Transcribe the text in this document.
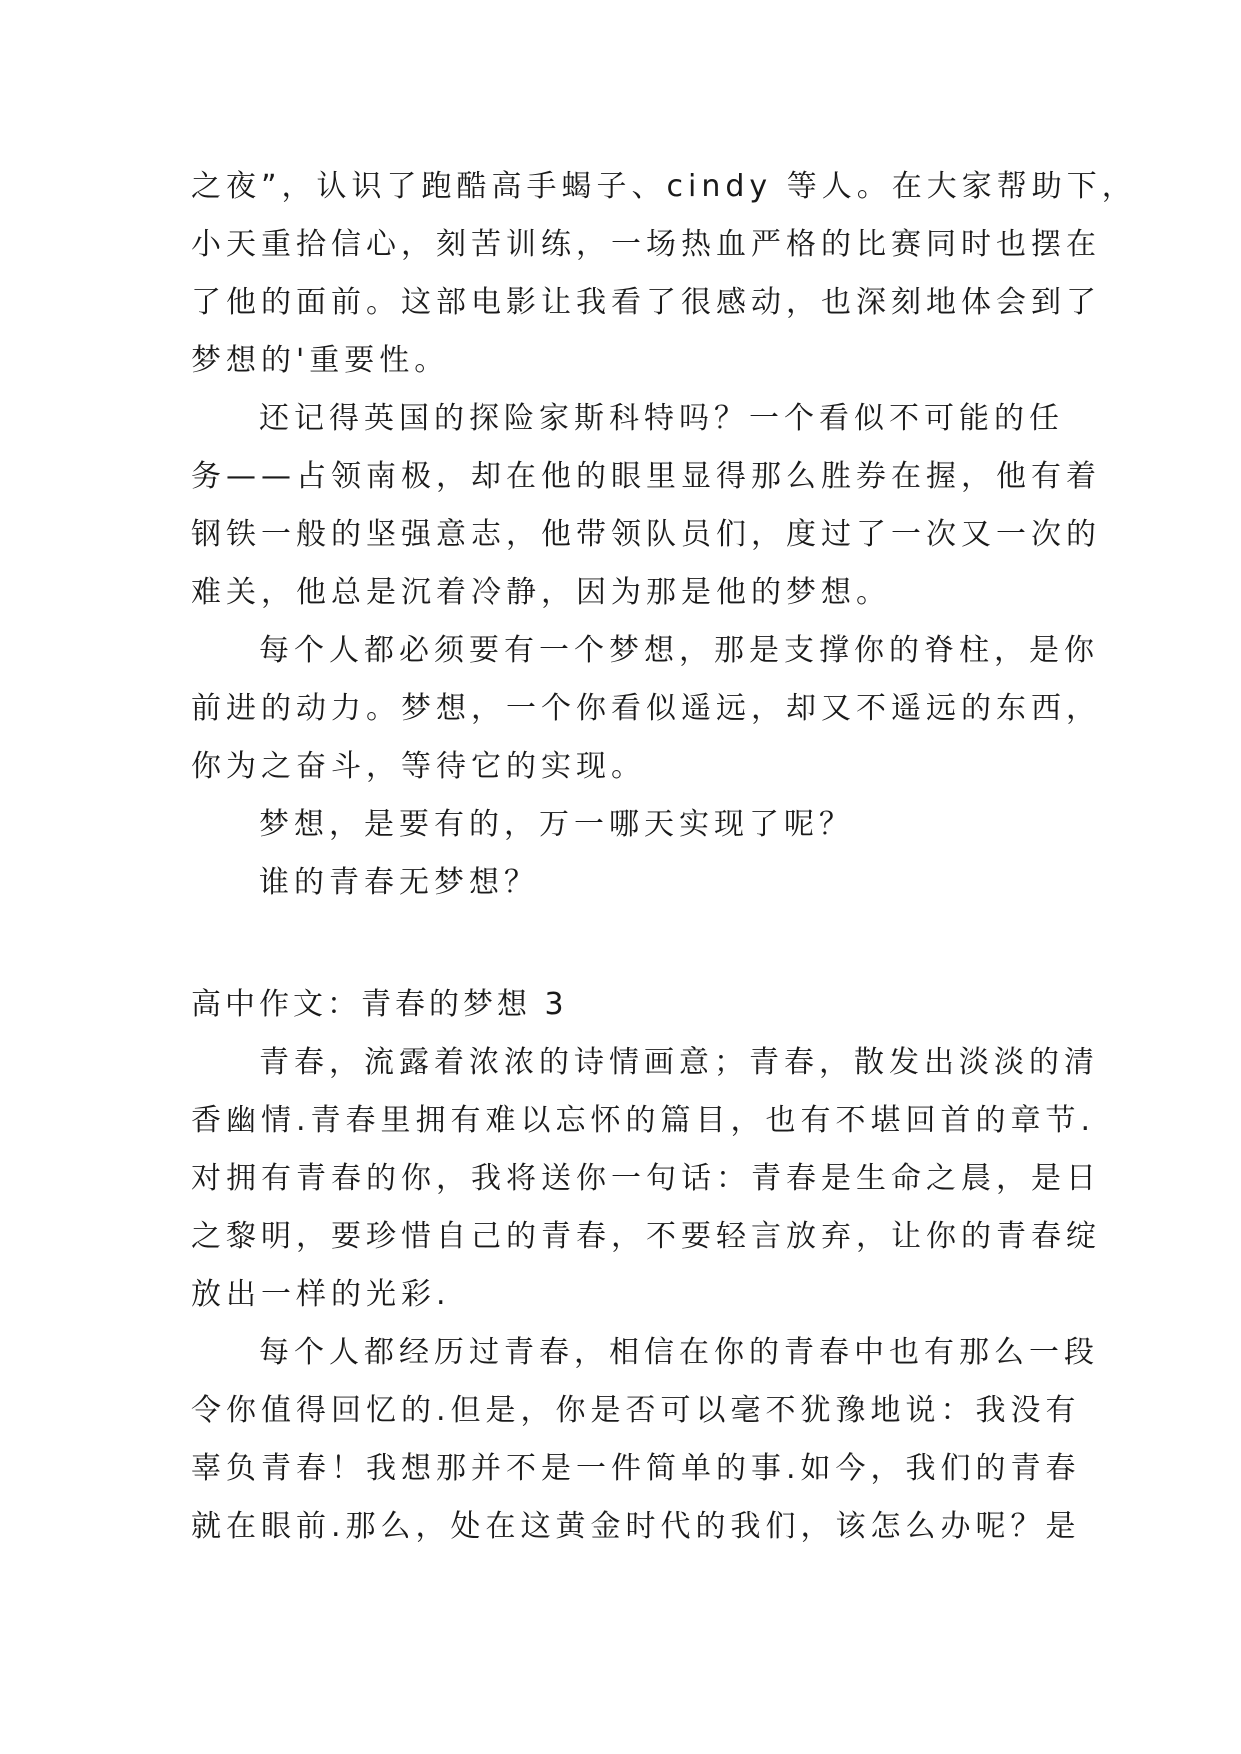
之夜”，认识了跑酷高手蝎子、cindy 等人。在大家帮助下，
小天重拾信心，刻苦训练，一场热血严格的比赛同时也摆在
了他的面前。这部电影让我看了很感动，也深刻地体会到了
梦想的'重要性。
还记得英国的探险家斯科特吗？一个看似不可能的任
务——占领南极，却在他的眼里显得那么胜券在握，他有着
钢铁一般的坚强意志，他带领队员们，度过了一次又一次的
难关，他总是沉着冷静，因为那是他的梦想。
每个人都必须要有一个梦想，那是支撑你的脊柱，是你
前进的动力。梦想，一个你看似遥远，却又不遥远的东西，
你为之奋斗，等待它的实现。
梦想，是要有的，万一哪天实现了呢？
谁的青春无梦想？
高中作文：青春的梦想 3
青春，流露着浓浓的诗情画意；青春，散发出淡淡的清
香幽情.青春里拥有难以忘怀的篇目，也有不堪回首的章节.
对拥有青春的你，我将送你一句话：青春是生命之晨，是日
之黎明，要珍惜自己的青春，不要轻言放弃，让你的青春绽
放出一样的光彩.
每个人都经历过青春，相信在你的青春中也有那么一段
令你值得回忆的.但是，你是否可以毫不犹豫地说：我没有
辜负青春！我想那并不是一件简单的事.如今，我们的青春
就在眼前.那么，处在这黄金时代的我们，该怎么办呢？是
